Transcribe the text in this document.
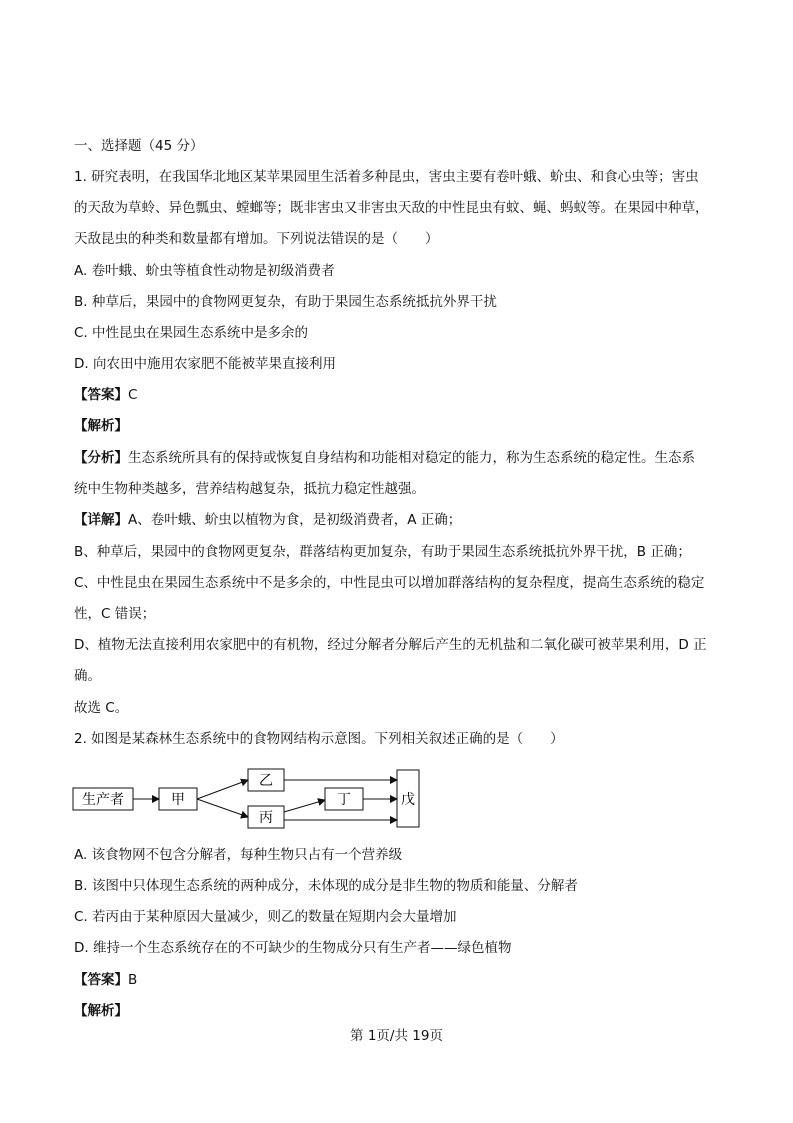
一、选择题（45 分）
1. 研究表明，在我国华北地区某苹果园里生活着多种昆虫，害虫主要有卷叶蛾、蚧虫、和食心虫等；害虫
的天敌为草蛉、异色瓢虫、螳螂等；既非害虫又非害虫天敌的中性昆虫有蚊、蝇、蚂蚁等。在果园中种草，
天敌昆虫的种类和数量都有增加。下列说法错误的是（　　）
A. 卷叶蛾、蚧虫等植食性动物是初级消费者
B. 种草后，果园中的食物网更复杂，有助于果园生态系统抵抗外界干扰
C. 中性昆虫在果园生态系统中是多余的
D. 向农田中施用农家肥不能被苹果直接利用
【答案】C
【解析】
【分析】生态系统所具有的保持或恢复自身结构和功能相对稳定的能力，称为生态系统的稳定性。生态系
统中生物种类越多，营养结构越复杂，抵抗力稳定性越强。
【详解】A、卷叶蛾、蚧虫以植物为食，是初级消费者，A 正确；
B、种草后，果园中的食物网更复杂，群落结构更加复杂，有助于果园生态系统抵抗外界干扰，B 正确；
C、中性昆虫在果园生态系统中不是多余的，中性昆虫可以增加群落结构的复杂程度，提高生态系统的稳定
性，C 错误；
D、植物无法直接利用农家肥中的有机物，经过分解者分解后产生的无机盐和二氧化碳可被苹果利用，D 正
确。
故选 C。
2. 如图是某森林生态系统中的食物网结构示意图。下列相关叙述正确的是（　　）
生产者	甲
乙
丙
丁	戊
A. 该食物网不包含分解者，每种生物只占有一个营养级
B. 该图中只体现生态系统的两种成分，未体现的成分是非生物的物质和能量、分解者
C. 若丙由于某种原因大量减少，则乙的数量在短期内会大量增加
D. 维持一个生态系统存在的不可缺少的生物成分只有生产者——绿色植物
【答案】B
【解析】
第 1页/共 19页
